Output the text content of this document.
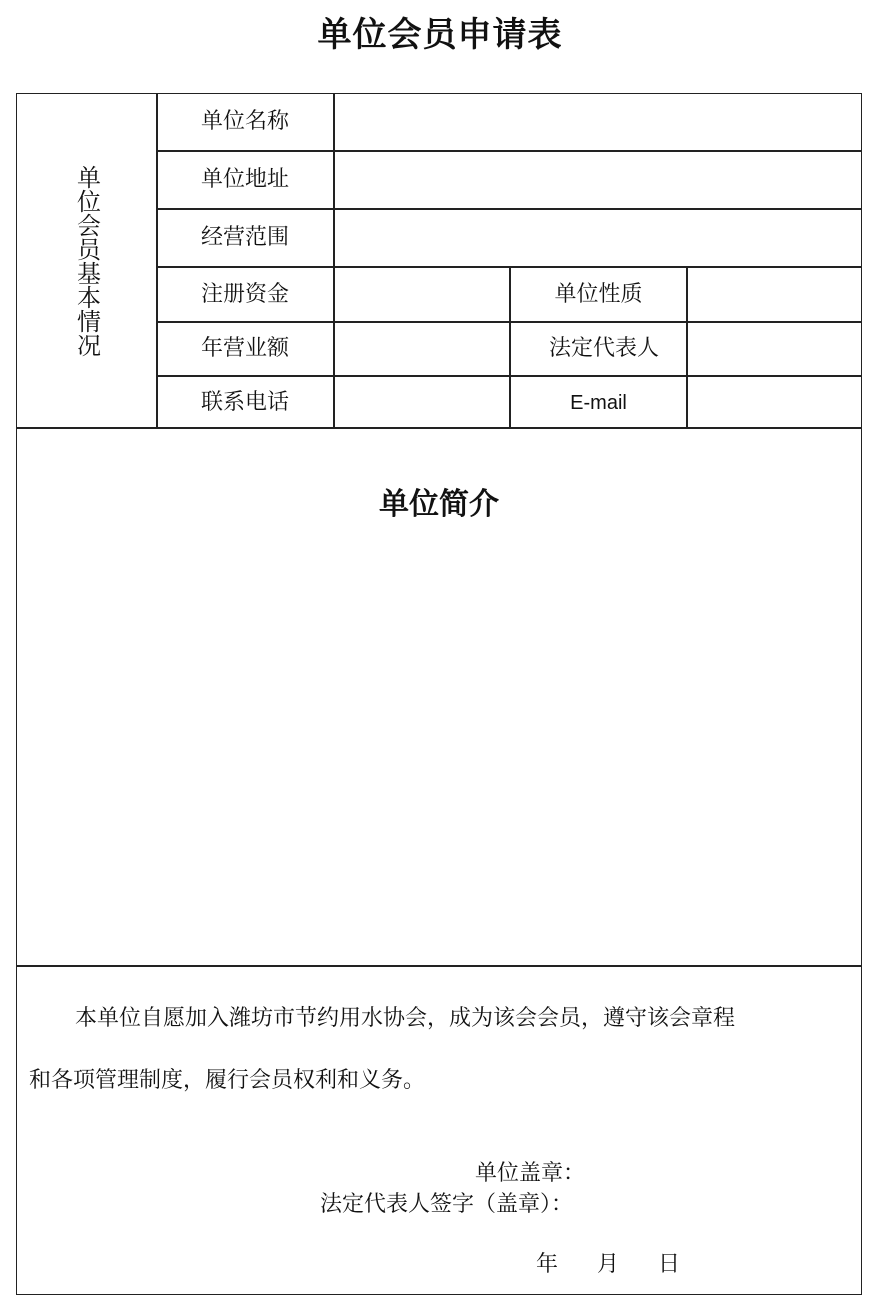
单位会员申请表
单位会员基本情况
单位名称
单位地址
经营范围
注册资金	单位性质
年营业额	法定代表人
联系电话	E-mail
单位简介
本单位自愿加入潍坊市节约用水协会，成为该会会员，遵守该会章程
和各项管理制度，履行会员权利和义务。
单位盖章：
法定代表人签字（盖章）：
年 月 日
